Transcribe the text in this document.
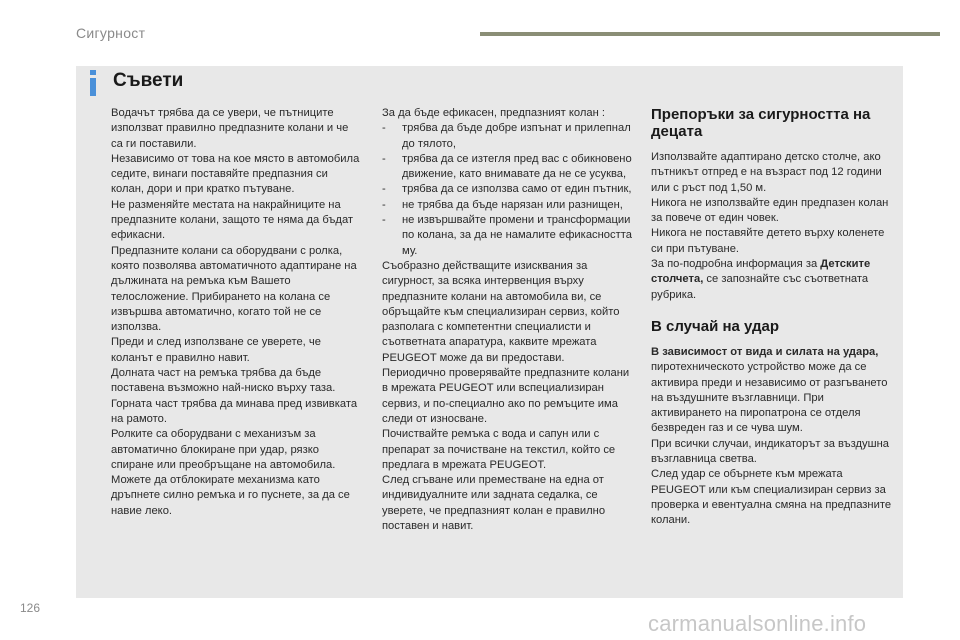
Сигурност
Съвети

Водачът трябва да се увери, че пътниците използват правилно предпазните колани и че са ги поставили.

Независимо от това на кое място в автомобила седите, винаги поставяйте предпазния си колан, дори и при кратко пътуване.

Не разменяйте местата на накрайниците на предпазните колани, защото те няма да бъдат ефикасни.

Предпазните колани са оборудвани с ролка, която позволява автоматичното адаптиране на дължината на ремъка към Вашето телосложение. Прибирането на колана се извършва автоматично, когато той не се използва.

Преди и след използване се уверете, че коланът е правилно навит.

Долната част на ремъка трябва да бъде поставена възможно най-ниско върху таза.

Горната част трябва да минава пред извивката на рамото.

Ролките са оборудвани с механизъм за автоматично блокиране при удар, рязко спиране или преобръщане на автомобила. Можете да отблокирате механизма като дръпнете силно ремъка и го пуснете, за да се навие леко.

За да бъде ефикасен, предпазният колан :

- трябва да бъде добре изпънат и прилепнал до тялото,
- трябва да се изтегля пред вас с обикновено движение, като внимавате да не се усуква,
- трябва да се използва само от един пътник,
- не трябва да бъде нарязан или разнищен,
- не извършвайте промени и трансформации по колана, за да не намалите ефикасността му.

Съобразно действащите изисквания за сигурност, за всяка интервенция върху предпазните колани на автомобила ви, се обръщайте към специализиран сервиз, който разполага с компетентни специалисти и съответната апаратура, каквите мрежата PEUGEOT може да ви предостави.

Периодично проверявайте предпазните колани в мрежата PEUGEOT или вспециализиран сервиз, и по-специално ако по ремъците има следи от износване.

Почиствайте ремъка с вода и сапун или с препарат за почистване на текстил, който се предлага в мрежата PEUGEOT.

След сгъване или преместване на една от индивидуалните или задната седалка, се уверете, че предпазният колан е правилно поставен и навит.

Препоръки за сигурността на децата

Използвайте адаптирано детско столче, ако пътникът отпред е на възраст под 12 години или с ръст под 1,50 м.

Никога не използвайте един предпазен колан за повече от един човек.

Никога не поставяйте детето върху коленете си при пътуване.

За по-подробна информация за Детските столчета, се запознайте със съответната рубрика.

В случай на удар

В зависимост от вида и силата на удара, пиротехническото устройство може да се активира преди и независимо от разгъването на въздушните възглавници. При активирането на пиропатрона се отделя безвреден газ и се чува шум.

При всички случаи, индикаторът за въздушна възглавница светва.

След удар се обърнете към мрежата PEUGEOT или към специализиран сервиз за проверка и евентуална смяна на предпазните колани.

126
carmanualsonline.info
